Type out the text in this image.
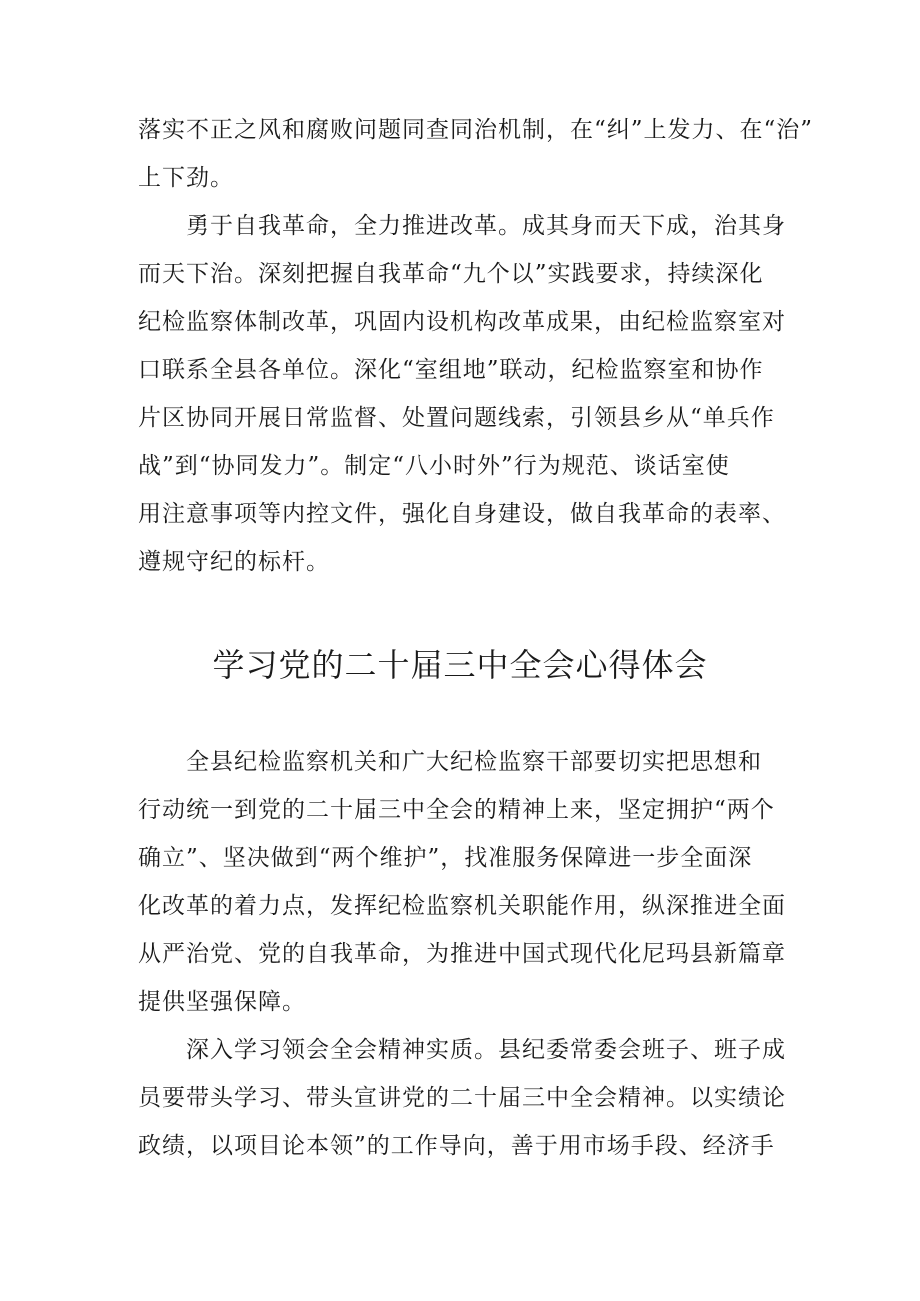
落实不正之风和腐败问题同查同治机制，在“纠”上发力、在“治”
上下劲。
勇于自我革命，全力推进改革。成其身而天下成，治其身
而天下治。深刻把握自我革命“九个以”实践要求，持续深化
纪检监察体制改革，巩固内设机构改革成果，由纪检监察室对
口联系全县各单位。深化“室组地”联动，纪检监察室和协作
片区协同开展日常监督、处置问题线索，引领县乡从“单兵作
战”到“协同发力”。制定“八小时外”行为规范、谈话室使
用注意事项等内控文件，强化自身建设，做自我革命的表率、
遵规守纪的标杆。
学习党的二十届三中全会心得体会
全县纪检监察机关和广大纪检监察干部要切实把思想和
行动统一到党的二十届三中全会的精神上来，坚定拥护“两个
确立”、坚决做到“两个维护”，找准服务保障进一步全面深
化改革的着力点，发挥纪检监察机关职能作用，纵深推进全面
从严治党、党的自我革命，为推进中国式现代化尼玛县新篇章
提供坚强保障。
深入学习领会全会精神实质。县纪委常委会班子、班子成
员要带头学习、带头宣讲党的二十届三中全会精神。以实绩论
政绩，以项目论本领”的工作导向，善于用市场手段、经济手
